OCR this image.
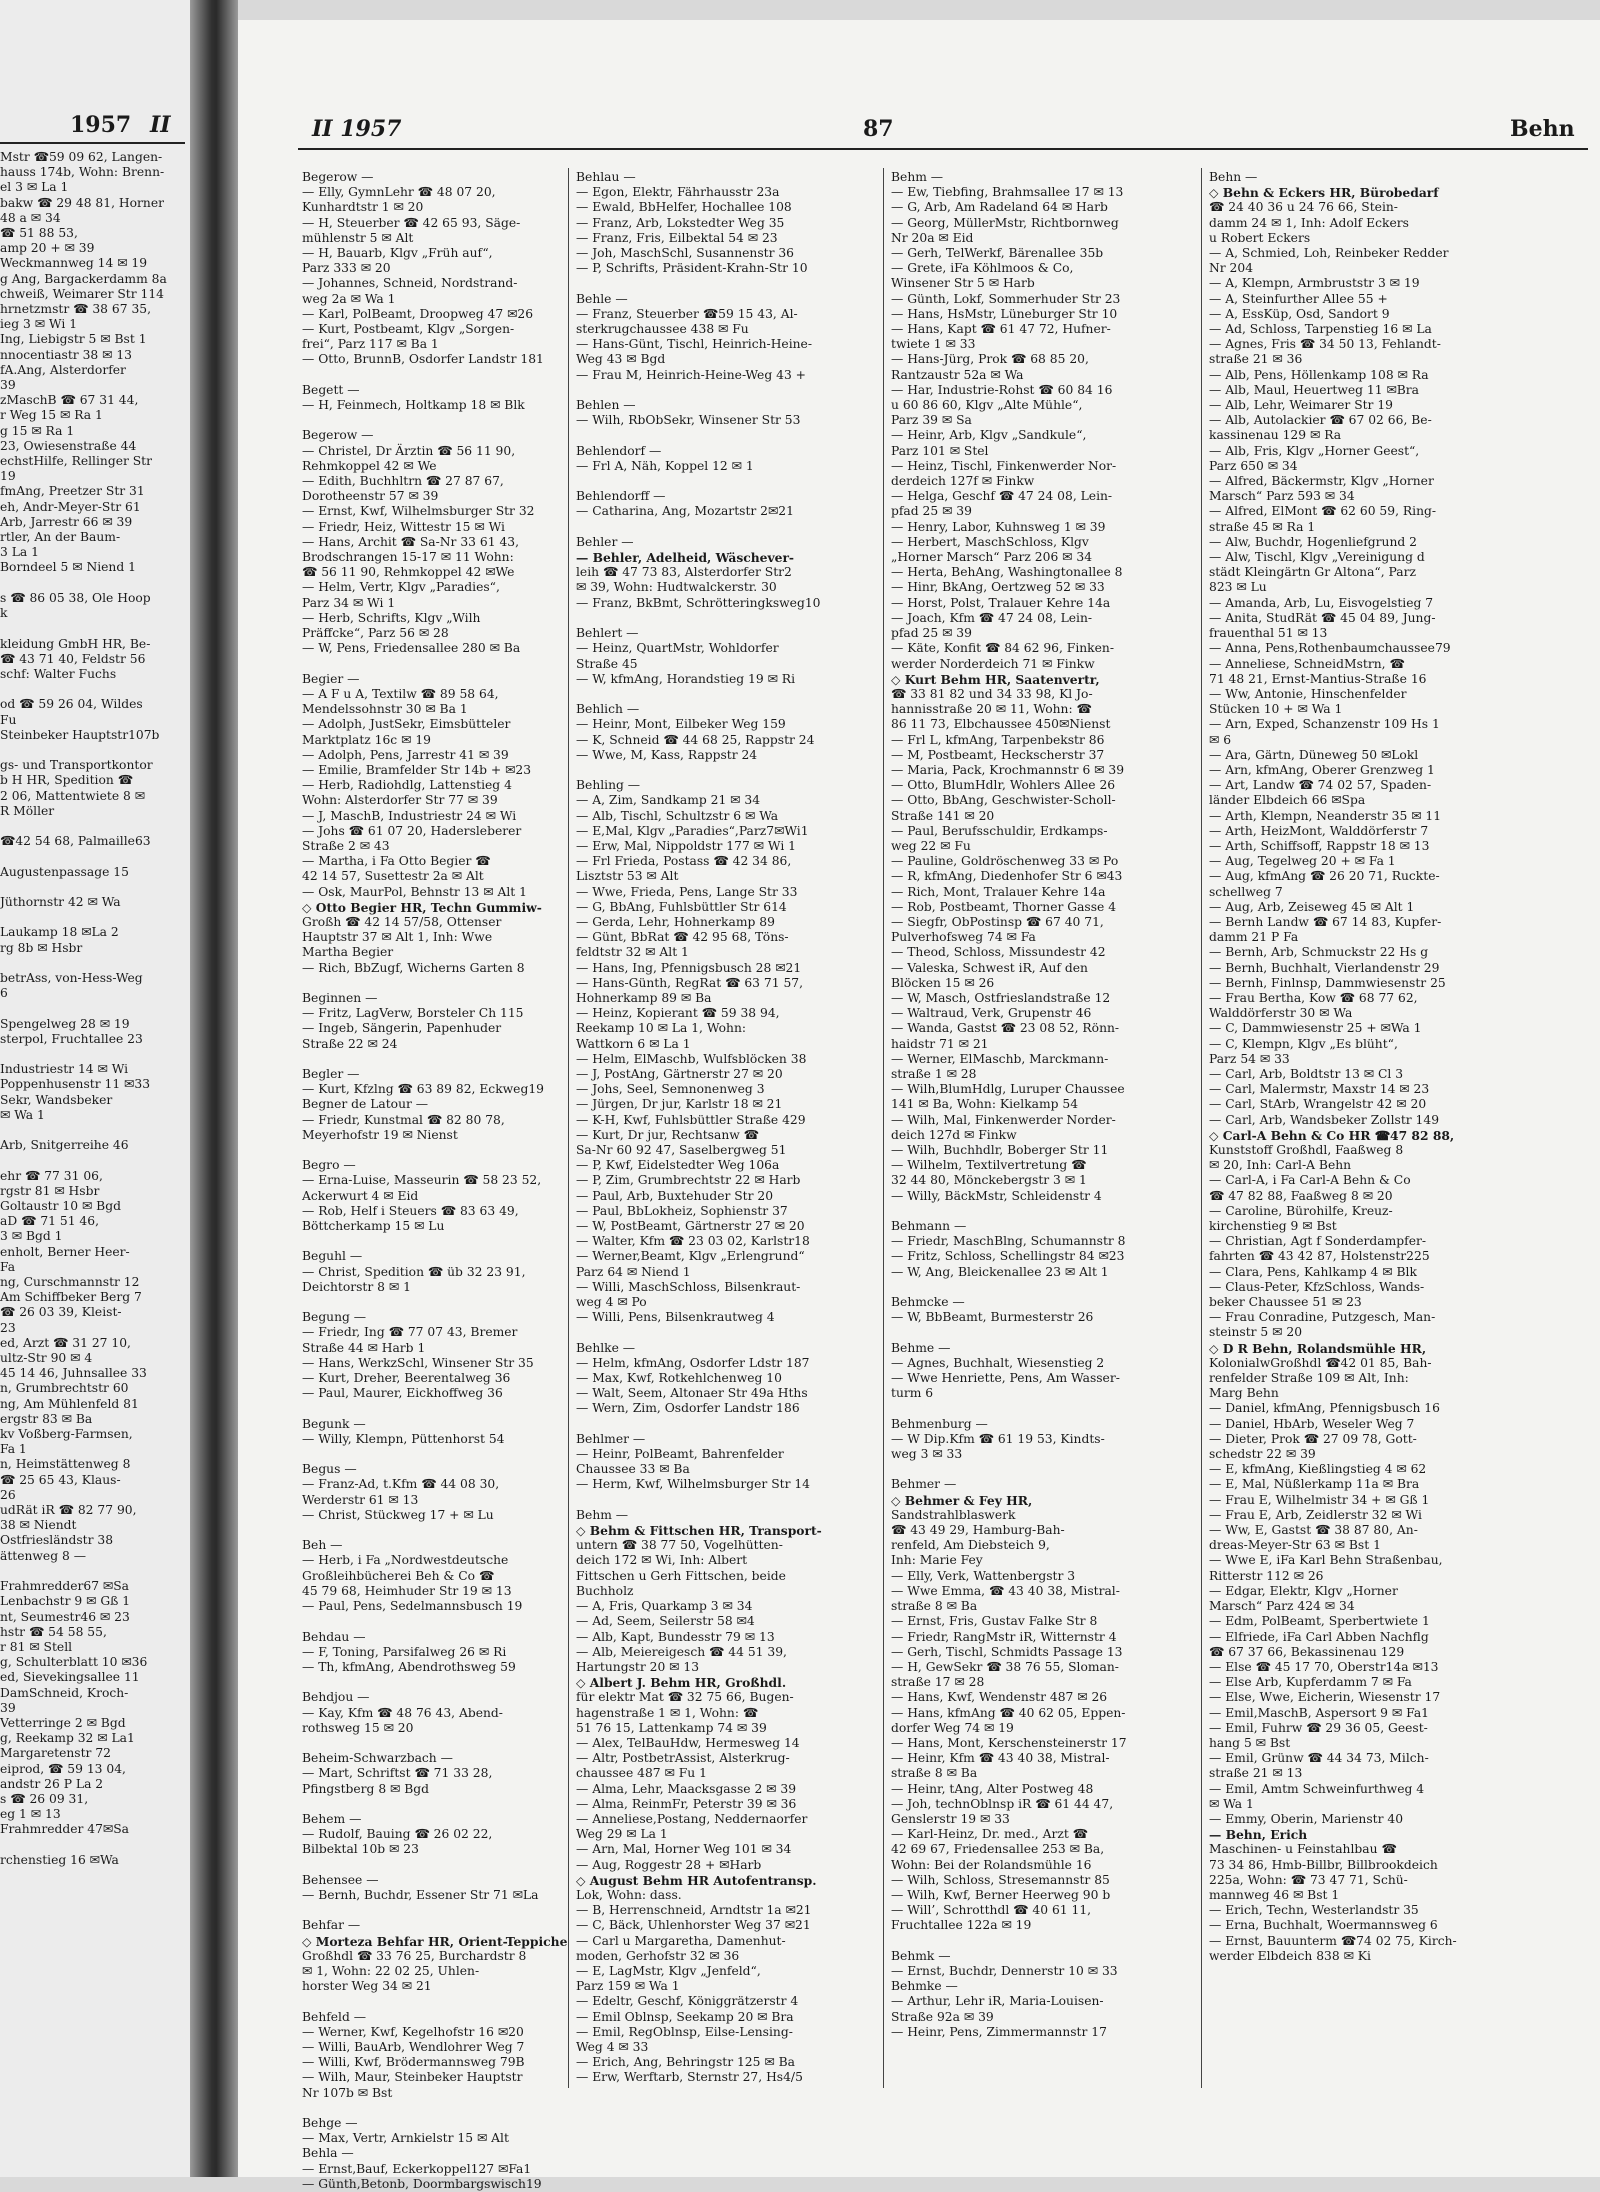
1957 II
Mstr ☎59 09 62, Langen-
hauss 174b, Wohn: Brenn-
el 3 ✉ La 1
bakw ☎ 29 48 81, Horner
48 a ✉ 34
☎ 51 88 53,
amp 20 + ✉ 39
Weckmannweg 14 ✉ 19
g Ang, Bargackerdamm 8a
chweiß, Weimarer Str 114
hrnetzmstr ☎ 38 67 35,
ieg 3 ✉ Wi 1
Ing, Liebigstr 5 ✉ Bst 1
nnocentiastr 38 ✉ 13
fA.Ang, Alsterdorfer
39
zMaschB ☎ 67 31 44,
r Weg 15 ✉ Ra 1
g 15 ✉ Ra 1
23, Owiesenstraße 44
echstHilfe, Rellinger Str
19
fmAng, Preetzer Str 31
eh, Andr-Meyer-Str 61
Arb, Jarrestr 66 ✉ 39
rtler, An der Baum-
3 La 1
Borndeel 5 ✉ Niend 1

s ☎ 86 05 38, Ole Hoop
k

kleidung GmbH HR, Be-
☎ 43 71 40, Feldstr 56
schf: Walter Fuchs

od ☎ 59 26 04, Wildes
Fu
Steinbeker Hauptstr107b

gs- und Transportkontor
b H HR, Spedition ☎
2 06, Mattentwiete 8 ✉
R Möller

☎42 54 68, Palmaille63

Augustenpassage 15

Jüthornstr 42 ✉ Wa

Laukamp 18 ✉La 2
rg 8b ✉ Hsbr

betrAss, von-Hess-Weg
6

Spengelweg 28 ✉ 19
sterpol, Fruchtallee 23

Industriestr 14 ✉ Wi
Poppenhusenstr 11 ✉33
Sekr, Wandsbeker
✉ Wa 1

Arb, Snitgerreihe 46

ehr ☎ 77 31 06,
rgstr 81 ✉ Hsbr
Goltaustr 10 ✉ Bgd
aD ☎ 71 51 46,
3 ✉ Bgd 1
enholt, Berner Heer-
Fa
ng, Curschmannstr 12
Am Schiffbeker Berg 7
☎ 26 03 39, Kleist-
23
ed, Arzt ☎ 31 27 10,
ultz-Str 90 ✉ 4
45 14 46, Juhnsallee 33
n, Grumbrechtstr 60
ng, Am Mühlenfeld 81
ergstr 83 ✉ Ba
kv Voßberg-Farmsen,
Fa 1
n, Heimstättenweg 8
☎ 25 65 43, Klaus-
26
udRät iR ☎ 82 77 90,
38 ✉ Niendt
Ostfriesländstr 38
ättenweg 8 —

Frahmredder67 ✉Sa
Lenbachstr 9 ✉ Gß 1
nt, Seumestr46 ✉ 23
hstr ☎ 54 58 55,
r 81 ✉ Stell
g, Schulterblatt 10 ✉36
ed, Sievekingsallee 11
DamSchneid, Kroch-
39
Vetterringe 2 ✉ Bgd
g, Reekamp 32 ✉ La1
Margaretenstr 72
eiprod, ☎ 59 13 04,
andstr 26 P La 2
s ☎ 26 09 31,
eg 1 ✉ 13
Frahmredder 47✉Sa

rchenstieg 16 ✉Wa
II 1957	87	Behn
Begerow —
— Elly, GymnLehr ☎ 48 07 20,
Kunhardtstr 1 ✉ 20
— H, Steuerber ☎ 42 65 93, Säge-
mühlenstr 5 ✉ Alt
— H, Bauarb, Klgv „Früh auf“,
Parz 333 ✉ 20
— Johannes, Schneid, Nordstrand-
weg 2a ✉ Wa 1
— Karl, PolBeamt, Droopweg 47 ✉26
— Kurt, Postbeamt, Klgv „Sorgen-
frei“, Parz 117 ✉ Ba 1
— Otto, BrunnB, Osdorfer Landstr 181

Begett —
— H, Feinmech, Holtkamp 18 ✉ Blk

Begerow —
— Christel, Dr Ärztin ☎ 56 11 90,
Rehmkoppel 42 ✉ We
— Edith, Buchhltrn ☎ 27 87 67,
Dorotheenstr 57 ✉ 39
— Ernst, Kwf, Wilhelmsburger Str 32
— Friedr, Heiz, Wittestr 15 ✉ Wi
— Hans, Archit ☎ Sa-Nr 33 61 43,
Brodschrangen 15-17 ✉ 11 Wohn:
☎ 56 11 90, Rehmkoppel 42 ✉We
— Helm, Vertr, Klgv „Paradies“,
Parz 34 ✉ Wi 1
— Herb, Schrifts, Klgv „Wilh
Präffcke“, Parz 56 ✉ 28
— W, Pens, Friedensallee 280 ✉ Ba

Begier —
— A F u A, Textilw ☎ 89 58 64,
Mendelssohnstr 30 ✉ Ba 1
— Adolph, JustSekr, Eimsbütteler
Marktplatz 16c ✉ 19
— Adolph, Pens, Jarrestr 41 ✉ 39
— Emilie, Bramfelder Str 14b + ✉23
— Herb, Radiohdlg, Lattenstieg 4
Wohn: Alsterdorfer Str 77 ✉ 39
— J, MaschB, Industriestr 24 ✉ Wi
— Johs ☎ 61 07 20, Hadersleberer
Straße 2 ✉ 43
— Martha, i Fa Otto Begier ☎
42 14 57, Susettestr 2a ✉ Alt
— Osk, MaurPol, Behnstr 13 ✉ Alt 1
◇ Otto Begier HR, Techn Gummiw-
Großh ☎ 42 14 57/58, Ottenser
Hauptstr 37 ✉ Alt 1, Inh: Wwe
Martha Begier
— Rich, BbZugf, Wicherns Garten 8

Beginnen —
— Fritz, LagVerw, Borsteler Ch 115
— Ingeb, Sängerin, Papenhuder
Straße 22 ✉ 24

Begler —
— Kurt, Kfzlng ☎ 63 89 82, Eckweg19
Begner de Latour —
— Friedr, Kunstmal ☎ 82 80 78,
Meyerhofstr 19 ✉ Nienst

Begro —
— Erna-Luise, Masseurin ☎ 58 23 52,
Ackerwurt 4 ✉ Eid
— Rob, Helf i Steuers ☎ 83 63 49,
Böttcherkamp 15 ✉ Lu

Beguhl —
— Christ, Spedition ☎ üb 32 23 91,
Deichtorstr 8 ✉ 1

Begung —
— Friedr, Ing ☎ 77 07 43, Bremer
Straße 44 ✉ Harb 1
— Hans, WerkzSchl, Winsener Str 35
— Kurt, Dreher, Beerentalweg 36
— Paul, Maurer, Eickhoffweg 36

Begunk —
— Willy, Klempn, Püttenhorst 54

Begus —
— Franz-Ad, t.Kfm ☎ 44 08 30,
Werderstr 61 ✉ 13
— Christ, Stückweg 17 + ✉ Lu

Beh —
— Herb, i Fa „Nordwestdeutsche
Großleihbücherei Beh & Co ☎
45 79 68, Heimhuder Str 19 ✉ 13
— Paul, Pens, Sedelmannsbusch 19

Behdau —
— F, Toning, Parsifalweg 26 ✉ Ri
— Th, kfmAng, Abendrothsweg 59

Behdjou —
— Kay, Kfm ☎ 48 76 43, Abend-
rothsweg 15 ✉ 20

Beheim-Schwarzbach —
— Mart, Schriftst ☎ 71 33 28,
Pfingstberg 8 ✉ Bgd

Behem —
— Rudolf, Bauing ☎ 26 02 22,
Bilbektal 10b ✉ 23

Behensee —
— Bernh, Buchdr, Essener Str 71 ✉La

Behfar —
◇ Morteza Behfar HR, Orient-Teppiche
Großhdl ☎ 33 76 25, Burchardstr 8
✉ 1, Wohn: 22 02 25, Uhlen-
horster Weg 34 ✉ 21

Behfeld —
— Werner, Kwf, Kegelhofstr 16 ✉20
— Willi, BauArb, Wendlohrer Weg 7
— Willi, Kwf, Brödermannsweg 79B
— Wilh, Maur, Steinbeker Hauptstr
Nr 107b ✉ Bst

Behge —
— Max, Vertr, Arnkielstr 15 ✉ Alt
Behla —
— Ernst,Bauf, Eckerkoppel127 ✉Fa1
— Günth,Betonb, Doormbargswisch19
Behlau —
— Egon, Elektr, Fährhausstr 23a
— Ewald, BbHelfer, Hochallee 108
— Franz, Arb, Lokstedter Weg 35
— Franz, Fris, Eilbektal 54 ✉ 23
— Joh, MaschSchl, Susannenstr 36
— P, Schrifts, Präsident-Krahn-Str 10

Behle —
— Franz, Steuerber ☎59 15 43, Al-
sterkrugchaussee 438 ✉ Fu
— Hans-Günt, Tischl, Heinrich-Heine-
Weg 43 ✉ Bgd
— Frau M, Heinrich-Heine-Weg 43 +

Behlen —
— Wilh, RbObSekr, Winsener Str 53

Behlendorf —
— Frl A, Näh, Koppel 12 ✉ 1

Behlendorff —
— Catharina, Ang, Mozartstr 2✉21

Behler —
— Behler, Adelheid, Wäschever-
leih ☎ 47 73 83, Alsterdorfer Str2
✉ 39, Wohn: Hudtwalckerstr. 30
— Franz, BkBmt, Schrötteringksweg10

Behlert —
— Heinz, QuartMstr, Wohldorfer
Straße 45
— W, kfmAng, Horandstieg 19 ✉ Ri

Behlich —
— Heinr, Mont, Eilbeker Weg 159
— K, Schneid ☎ 44 68 25, Rappstr 24
— Wwe, M, Kass, Rappstr 24

Behling —
— A, Zim, Sandkamp 21 ✉ 34
— Alb, Tischl, Schultzstr 6 ✉ Wa
— E,Mal, Klgv „Paradies“,Parz7✉Wi1
— Erw, Mal, Nippoldstr 177 ✉ Wi 1
— Frl Frieda, Postass ☎ 42 34 86,
Lisztstr 53 ✉ Alt
— Wwe, Frieda, Pens, Lange Str 33
— G, BbAng, Fuhlsbüttler Str 614
— Gerda, Lehr, Hohnerkamp 89
— Günt, BbRat ☎ 42 95 68, Töns-
feldtstr 32 ✉ Alt 1
— Hans, Ing, Pfennigsbusch 28 ✉21
— Hans-Günth, RegRat ☎ 63 71 57,
Hohnerkamp 89 ✉ Ba
— Heinz, Kopierant ☎ 59 38 94,
Reekamp 10 ✉ La 1, Wohn:
Wattkorn 6 ✉ La 1
— Helm, ElMaschb, Wulfsblöcken 38
— J, PostAng, Gärtnerstr 27 ✉ 20
— Johs, Seel, Semnonenweg 3
— Jürgen, Dr jur, Karlstr 18 ✉ 21
— K-H, Kwf, Fuhlsbüttler Straße 429
— Kurt, Dr jur, Rechtsanw ☎
Sa-Nr 60 92 47, Saselbergweg 51
— P, Kwf, Eidelstedter Weg 106a
— P, Zim, Grumbrechtstr 22 ✉ Harb
— Paul, Arb, Buxtehuder Str 20
— Paul, BbLokheiz, Sophienstr 37
— W, PostBeamt, Gärtnerstr 27 ✉ 20
— Walter, Kfm ☎ 23 03 02, Karlstr18
— Werner,Beamt, Klgv „Erlengrund“
Parz 64 ✉ Niend 1
— Willi, MaschSchloss, Bilsenkraut-
weg 4 ✉ Po
— Willi, Pens, Bilsenkrautweg 4

Behlke —
— Helm, kfmAng, Osdorfer Ldstr 187
— Max, Kwf, Rotkehlchenweg 10
— Walt, Seem, Altonaer Str 49a Hths
— Wern, Zim, Osdorfer Landstr 186

Behlmer —
— Heinr, PolBeamt, Bahrenfelder
Chaussee 33 ✉ Ba
— Herm, Kwf, Wilhelmsburger Str 14

Behm —
◇ Behm & Fittschen HR, Transport-
untern ☎ 38 77 50, Vogelhütten-
deich 172 ✉ Wi, Inh: Albert
Fittschen u Gerh Fittschen, beide
Buchholz
— A, Fris, Quarkamp 3 ✉ 34
— Ad, Seem, Seilerstr 58 ✉4
— Alb, Kapt, Bundesstr 79 ✉ 13
— Alb, Meiereigesch ☎ 44 51 39,
Hartungstr 20 ✉ 13
◇ Albert J. Behm HR, Großhdl.
für elektr Mat ☎ 32 75 66, Bugen-
hagenstraße 1 ✉ 1, Wohn: ☎
51 76 15, Lattenkamp 74 ✉ 39
— Alex, TelBauHdw, Hermesweg 14
— Altr, PostbetrAssist, Alsterkrug-
chaussee 487 ✉ Fu 1
— Alma, Lehr, Maacksgasse 2 ✉ 39
— Alma, ReinmFr, Peterstr 39 ✉ 36
— Anneliese,Postang, Neddernaorfer
Weg 29 ✉ La 1
— Arn, Mal, Horner Weg 101 ✉ 34
— Aug, Roggestr 28 + ✉Harb
◇ August Behm HR Autofentransp.
Lok, Wohn: dass.
— B, Herrenschneid, Arndtstr 1a ✉21
— C, Bäck, Uhlenhorster Weg 37 ✉21
— Carl u Margaretha, Damenhut-
moden, Gerhofstr 32 ✉ 36
— E, LagMstr, Klgv „Jenfeld“,
Parz 159 ✉ Wa 1
— Edeltr, Geschf, Königgrätzerstr 4
— Emil Oblnsp, Seekamp 20 ✉ Bra
— Emil, RegOblnsp, Eilse-Lensing-
Weg 4 ✉ 33
— Erich, Ang, Behringstr 125 ✉ Ba
— Erw, Werftarb, Sternstr 27, Hs4/5
Behm —
— Ew, Tiebfing, Brahmsallee 17 ✉ 13
— G, Arb, Am Radeland 64 ✉ Harb
— Georg, MüllerMstr, Richtbornweg
Nr 20a ✉ Eid
— Gerh, TelWerkf, Bärenallee 35b
— Grete, iFa Köhlmoos & Co,
Winsener Str 5 ✉ Harb
— Günth, Lokf, Sommerhuder Str 23
— Hans, HsMstr, Lüneburger Str 10
— Hans, Kapt ☎ 61 47 72, Hufner-
twiete 1 ✉ 33
— Hans-Jürg, Prok ☎ 68 85 20,
Rantzaustr 52a ✉ Wa
— Har, Industrie-Rohst ☎ 60 84 16
u 60 86 60, Klgv „Alte Mühle“,
Parz 39 ✉ Sa
— Heinr, Arb, Klgv „Sandkule“,
Parz 101 ✉ Stel
— Heinz, Tischl, Finkenwerder Nor-
derdeich 127f ✉ Finkw
— Helga, Geschf ☎ 47 24 08, Lein-
pfad 25 ✉ 39
— Henry, Labor, Kuhnsweg 1 ✉ 39
— Herbert, MaschSchloss, Klgv
„Horner Marsch“ Parz 206 ✉ 34
— Herta, BehAng, Washingtonallee 8
— Hinr, BkAng, Oertzweg 52 ✉ 33
— Horst, Polst, Tralauer Kehre 14a
— Joach, Kfm ☎ 47 24 08, Lein-
pfad 25 ✉ 39
— Käte, Konfit ☎ 84 62 96, Finken-
werder Norderdeich 71 ✉ Finkw
◇ Kurt Behm HR, Saatenvertr,
☎ 33 81 82 und 34 33 98, Kl Jo-
hannisstraße 20 ✉ 11, Wohn: ☎
86 11 73, Elbchaussee 450✉Nienst
— Frl L, kfmAng, Tarpenbekstr 86
— M, Postbeamt, Heckscherstr 37
— Maria, Pack, Krochmannstr 6 ✉ 39
— Otto, BlumHdlr, Wohlers Allee 26
— Otto, BbAng, Geschwister-Scholl-
Straße 141 ✉ 20
— Paul, Berufsschuldir, Erdkamps-
weg 22 ✉ Fu
— Pauline, Goldröschenweg 33 ✉ Po
— R, kfmAng, Diedenhofer Str 6 ✉43
— Rich, Mont, Tralauer Kehre 14a
— Rob, Postbeamt, Thorner Gasse 4
— Siegfr, ObPostinsp ☎ 67 40 71,
Pulverhofsweg 74 ✉ Fa
— Theod, Schloss, Missundestr 42
— Valeska, Schwest iR, Auf den
Blöcken 15 ✉ 26
— W, Masch, Ostfrieslandstraße 12
— Waltraud, Verk, Grupenstr 46
— Wanda, Gastst ☎ 23 08 52, Rönn-
haidstr 71 ✉ 21
— Werner, ElMaschb, Marckmann-
straße 1 ✉ 28
— Wilh,BlumHdlg, Luruper Chaussee
141 ✉ Ba, Wohn: Kielkamp 54
— Wilh, Mal, Finkenwerder Norder-
deich 127d ✉ Finkw
— Wilh, Buchhdlr, Boberger Str 11
— Wilhelm, Textilvertretung ☎
32 44 80, Mönckebergstr 3 ✉ 1
— Willy, BäckMstr, Schleidenstr 4

Behmann —
— Friedr, MaschBlng, Schumannstr 8
— Fritz, Schloss, Schellingstr 84 ✉23
— W, Ang, Bleickenallee 23 ✉ Alt 1

Behmcke —
— W, BbBeamt, Burmesterstr 26

Behme —
— Agnes, Buchhalt, Wiesenstieg 2
— Wwe Henriette, Pens, Am Wasser-
turm 6

Behmenburg —
— W Dip.Kfm ☎ 61 19 53, Kindts-
weg 3 ✉ 33

Behmer —
◇ Behmer & Fey HR,
Sandstrahlblaswerk
☎ 43 49 29, Hamburg-Bah-
renfeld, Am Diebsteich 9,
Inh: Marie Fey
— Elly, Verk, Wattenbergstr 3
— Wwe Emma, ☎ 43 40 38, Mistral-
straße 8 ✉ Ba
— Ernst, Fris, Gustav Falke Str 8
— Friedr, RangMstr iR, Witternstr 4
— Gerh, Tischl, Schmidts Passage 13
— H, GewSekr ☎ 38 76 55, Sloman-
straße 17 ✉ 28
— Hans, Kwf, Wendenstr 487 ✉ 26
— Hans, kfmAng ☎ 40 62 05, Eppen-
dorfer Weg 74 ✉ 19
— Hans, Mont, Kerschensteinerstr 17
— Heinr, Kfm ☎ 43 40 38, Mistral-
straße 8 ✉ Ba
— Heinr, tAng, Alter Postweg 48
— Joh, technOblnsp iR ☎ 61 44 47,
Genslerstr 19 ✉ 33
— Karl-Heinz, Dr. med., Arzt ☎
42 69 67, Friedensallee 253 ✉ Ba,
Wohn: Bei der Rolandsmühle 16
— Wilh, Schloss, Stresemannstr 85
— Wilh, Kwf, Berner Heerweg 90 b
— Will’, Schrotthdl ☎ 40 61 11,
Fruchtallee 122a ✉ 19

Behmk —
— Ernst, Buchdr, Dennerstr 10 ✉ 33
Behmke —
— Arthur, Lehr iR, Maria-Louisen-
Straße 92a ✉ 39
— Heinr, Pens, Zimmermannstr 17
Behn —
◇ Behn & Eckers HR, Bürobedarf
☎ 24 40 36 u 24 76 66, Stein-
damm 24 ✉ 1, Inh: Adolf Eckers
u Robert Eckers
— A, Schmied, Loh, Reinbeker Redder
Nr 204
— A, Klempn, Armbruststr 3 ✉ 19
— A, Steinfurther Allee 55 +
— A, EssKüp, Osd, Sandort 9
— Ad, Schloss, Tarpenstieg 16 ✉ La
— Agnes, Fris ☎ 34 50 13, Fehlandt-
straße 21 ✉ 36
— Alb, Pens, Höllenkamp 108 ✉ Ra
— Alb, Maul, Heuertweg 11 ✉Bra
— Alb, Lehr, Weimarer Str 19
— Alb, Autolackier ☎ 67 02 66, Be-
kassinenau 129 ✉ Ra
— Alb, Fris, Klgv „Horner Geest“,
Parz 650 ✉ 34
— Alfred, Bäckermstr, Klgv „Horner
Marsch“ Parz 593 ✉ 34
— Alfred, ElMont ☎ 62 60 59, Ring-
straße 45 ✉ Ra 1
— Alw, Buchdr, Hogenliefgrund 2
— Alw, Tischl, Klgv „Vereinigung d
städt Kleingärtn Gr Altona“, Parz
823 ✉ Lu
— Amanda, Arb, Lu, Eisvogelstieg 7
— Anita, StudRät ☎ 45 04 89, Jung-
frauenthal 51 ✉ 13
— Anna, Pens,Rothenbaumchaussee79
— Anneliese, SchneidMstrn, ☎
71 48 21, Ernst-Mantius-Straße 16
— Ww, Antonie, Hinschenfelder
Stücken 10 + ✉ Wa 1
— Arn, Exped, Schanzenstr 109 Hs 1
✉ 6
— Ara, Gärtn, Düneweg 50 ✉Lokl
— Arn, kfmAng, Oberer Grenzweg 1
— Art, Landw ☎ 74 02 57, Spaden-
länder Elbdeich 66 ✉Spa
— Arth, Klempn, Neanderstr 35 ✉ 11
— Arth, HeizMont, Walddörferstr 7
— Arth, Schiffsoff, Rappstr 18 ✉ 13
— Aug, Tegelweg 20 + ✉ Fa 1
— Aug, kfmAng ☎ 26 20 71, Ruckte-
schellweg 7
— Aug, Arb, Zeiseweg 45 ✉ Alt 1
— Bernh Landw ☎ 67 14 83, Kupfer-
damm 21 P Fa
— Bernh, Arb, Schmuckstr 22 Hs g
— Bernh, Buchhalt, Vierlandenstr 29
— Bernh, Finlnsp, Dammwiesenstr 25
— Frau Bertha, Kow ☎ 68 77 62,
Walddörferstr 30 ✉ Wa
— C, Dammwiesenstr 25 + ✉Wa 1
— C, Klempn, Klgv „Es blüht“,
Parz 54 ✉ 33
— Carl, Arb, Boldtstr 13 ✉ Cl 3
— Carl, Malermstr, Maxstr 14 ✉ 23
— Carl, StArb, Wrangelstr 42 ✉ 20
— Carl, Arb, Wandsbeker Zollstr 149
◇ Carl-A Behn & Co HR ☎47 82 88,
Kunststoff Großhdl, Faaßweg 8
✉ 20, Inh: Carl-A Behn
— Carl-A, i Fa Carl-A Behn & Co
☎ 47 82 88, Faaßweg 8 ✉ 20
— Caroline, Bürohilfe, Kreuz-
kirchenstieg 9 ✉ Bst
— Christian, Agt f Sonderdampfer-
fahrten ☎ 43 42 87, Holstenstr225
— Clara, Pens, Kahlkamp 4 ✉ Blk
— Claus-Peter, KfzSchloss, Wands-
beker Chaussee 51 ✉ 23
— Frau Conradine, Putzgesch, Man-
steinstr 5 ✉ 20
◇ D R Behn, Rolandsmühle HR,
KolonialwGroßhdl ☎42 01 85, Bah-
renfelder Straße 109 ✉ Alt, Inh:
Marg Behn
— Daniel, kfmAng, Pfennigsbusch 16
— Daniel, HbArb, Weseler Weg 7
— Dieter, Prok ☎ 27 09 78, Gott-
schedstr 22 ✉ 39
— E, kfmAng, Kießlingstieg 4 ✉ 62
— E, Mal, Nüßlerkamp 11a ✉ Bra
— Frau E, Wilhelmistr 34 + ✉ Gß 1
— Frau E, Arb, Zeidlerstr 32 ✉ Wi
— Ww, E, Gastst ☎ 38 87 80, An-
dreas-Meyer-Str 63 ✉ Bst 1
— Wwe E, iFa Karl Behn Straßenbau,
Ritterstr 112 ✉ 26
— Edgar, Elektr, Klgv „Horner
Marsch“ Parz 424 ✉ 34
— Edm, PolBeamt, Sperbertwiete 1
— Elfriede, iFa Carl Abben Nachflg
☎ 67 37 66, Bekassinenau 129
— Else ☎ 45 17 70, Oberstr14a ✉13
— Else Arb, Kupferdamm 7 ✉ Fa
— Else, Wwe, Eicherin, Wiesenstr 17
— Emil,MaschB, Aspersort 9 ✉ Fa1
— Emil, Fuhrw ☎ 29 36 05, Geest-
hang 5 ✉ Bst
— Emil, Grünw ☎ 44 34 73, Milch-
straße 21 ✉ 13
— Emil, Amtm Schweinfurthweg 4
✉ Wa 1
— Emmy, Oberin, Marienstr 40
— Behn, Erich
Maschinen- u Feinstahlbau ☎
73 34 86, Hmb-Billbr, Billbrookdeich
225a, Wohn: ☎ 73 47 71, Schü-
mannweg 46 ✉ Bst 1
— Erich, Techn, Westerlandstr 35
— Erna, Buchhalt, Woermannsweg 6
— Ernst, Bauunterm ☎74 02 75, Kirch-
werder Elbdeich 838 ✉ Ki
